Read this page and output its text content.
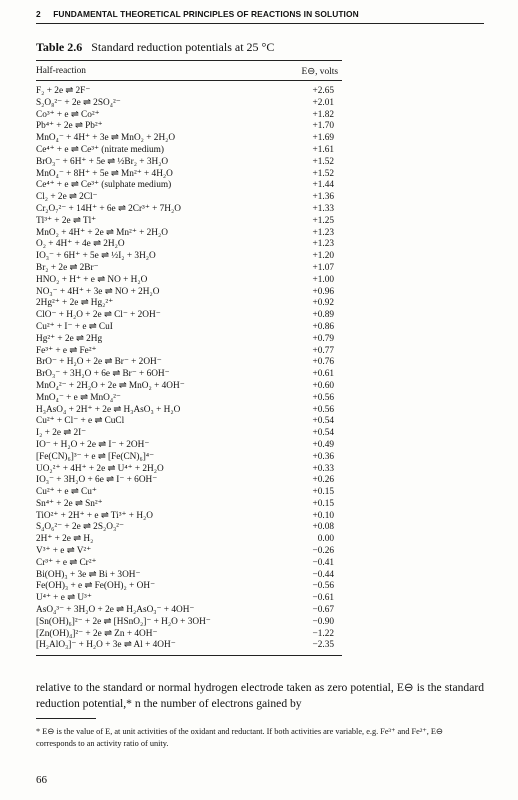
2 FUNDAMENTAL THEORETICAL PRINCIPLES OF REACTIONS IN SOLUTION
Table 2.6 Standard reduction potentials at 25 °C
Half-reaction	E⊖, volts
F₂ + 2e ⇌ 2F⁻	+2.65
S₂O₈²⁻ + 2e ⇌ 2SO₄²⁻	+2.01
Co³⁺ + e ⇌ Co²⁺	+1.82
Pb⁴⁺ + 2e ⇌ Pb²⁺	+1.70
MnO₄⁻ + 4H⁺ + 3e ⇌ MnO₂ + 2H₂O	+1.69
Ce⁴⁺ + e ⇌ Ce³⁺ (nitrate medium)	+1.61
BrO₃⁻ + 6H⁺ + 5e ⇌ ½Br₂ + 3H₂O	+1.52
MnO₄⁻ + 8H⁺ + 5e ⇌ Mn²⁺ + 4H₂O	+1.52
Ce⁴⁺ + e ⇌ Ce³⁺ (sulphate medium)	+1.44
Cl₂ + 2e ⇌ 2Cl⁻	+1.36
Cr₂O₇²⁻ + 14H⁺ + 6e ⇌ 2Cr³⁺ + 7H₂O	+1.33
Tl³⁺ + 2e ⇌ Tl⁺	+1.25
MnO₂ + 4H⁺ + 2e ⇌ Mn²⁺ + 2H₂O	+1.23
O₂ + 4H⁺ + 4e ⇌ 2H₂O	+1.23
IO₃⁻ + 6H⁺ + 5e ⇌ ½I₂ + 3H₂O	+1.20
Br₂ + 2e ⇌ 2Br⁻	+1.07
HNO₂ + H⁺ + e ⇌ NO + H₂O	+1.00
NO₃⁻ + 4H⁺ + 3e ⇌ NO + 2H₂O	+0.96
2Hg²⁺ + 2e ⇌ Hg₂²⁺	+0.92
ClO⁻ + H₂O + 2e ⇌ Cl⁻ + 2OH⁻	+0.89
Cu²⁺ + I⁻ + e ⇌ CuI	+0.86
Hg²⁺ + 2e ⇌ 2Hg	+0.79
Fe³⁺ + e ⇌ Fe²⁺	+0.77
BrO⁻ + H₂O + 2e ⇌ Br⁻ + 2OH⁻	+0.76
BrO₃⁻ + 3H₂O + 6e ⇌ Br⁻ + 6OH⁻	+0.61
MnO₄²⁻ + 2H₂O + 2e ⇌ MnO₂ + 4OH⁻	+0.60
MnO₄⁻ + e ⇌ MnO₄²⁻	+0.56
H₃AsO₄ + 2H⁺ + 2e ⇌ H₃AsO₃ + H₂O	+0.56
Cu²⁺ + Cl⁻ + e ⇌ CuCl	+0.54
I₂ + 2e ⇌ 2I⁻	+0.54
IO⁻ + H₂O + 2e ⇌ I⁻ + 2OH⁻	+0.49
[Fe(CN)₆]³⁻ + e ⇌ [Fe(CN)₆]⁴⁻	+0.36
UO₂²⁺ + 4H⁺ + 2e ⇌ U⁴⁺ + 2H₂O	+0.33
IO₃⁻ + 3H₂O + 6e ⇌ I⁻ + 6OH⁻	+0.26
Cu²⁺ + e ⇌ Cu⁺	+0.15
Sn⁴⁺ + 2e ⇌ Sn²⁺	+0.15
TiO²⁺ + 2H⁺ + e ⇌ Ti³⁺ + H₂O	+0.10
S₄O₆²⁻ + 2e ⇌ 2S₂O₃²⁻	+0.08
2H⁺ + 2e ⇌ H₂	0.00
V³⁺ + e ⇌ V²⁺	−0.26
Cr³⁺ + e ⇌ Cr²⁺	−0.41
Bi(OH)₃ + 3e ⇌ Bi + 3OH⁻	−0.44
Fe(OH)₃ + e ⇌ Fe(OH)₂ + OH⁻	−0.56
U⁴⁺ + e ⇌ U³⁺	−0.61
AsO₄³⁻ + 3H₂O + 2e ⇌ H₂AsO₃⁻ + 4OH⁻	−0.67
[Sn(OH)₆]²⁻ + 2e ⇌ [HSnO₂]⁻ + H₂O + 3OH⁻	−0.90
[Zn(OH)₄]²⁻ + 2e ⇌ Zn + 4OH⁻	−1.22
[H₂AlO₃]⁻ + H₂O + 3e ⇌ Al + 4OH⁻	−2.35
relative to the standard or normal hydrogen electrode taken as zero potential, E⊖ is the standard reduction potential,* n the number of electrons gained by
* E⊖ is the value of E, at unit activities of the oxidant and reductant. If both activities are variable, e.g. Fe³⁺ and Fe²⁺, E⊖ corresponds to an activity ratio of unity.
66
